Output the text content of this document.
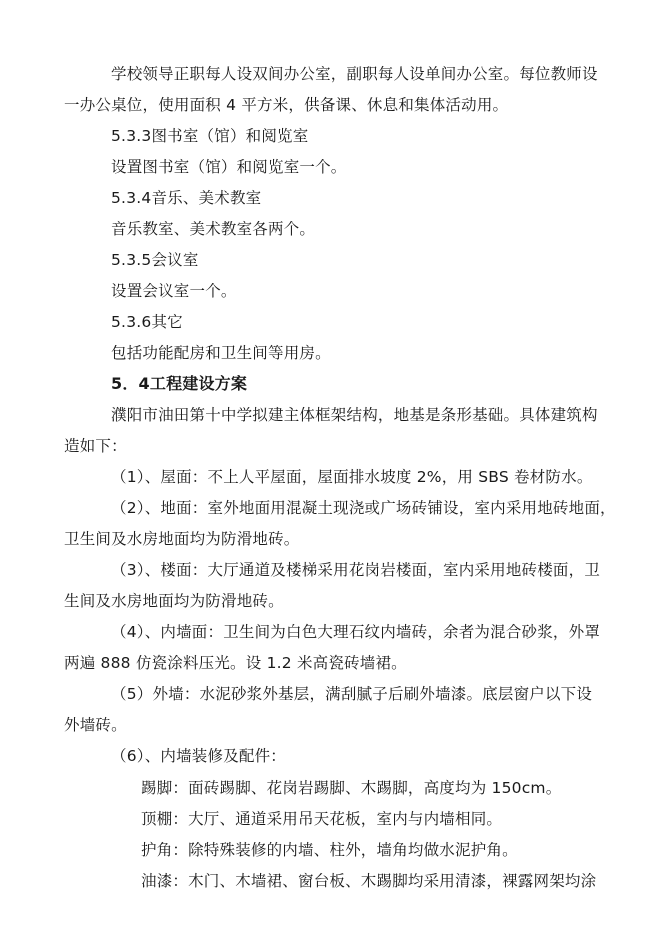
学校领导正职每人设双间办公室，副职每人设单间办公室。每位教师设

一办公桌位，使用面积 4 平方米，供备课、休息和集体活动用。

5.3.3图书室（馆）和阅览室

设置图书室（馆）和阅览室一个。

5.3.4音乐、美术教室

音乐教室、美术教室各两个。

5.3.5会议室

设置会议室一个。

5.3.6其它

包括功能配房和卫生间等用房。

5．4工程建设方案

濮阳市油田第十中学拟建主体框架结构，地基是条形基础。具体建筑构

造如下：

（1）、屋面：不上人平屋面，屋面排水坡度 2%，用 SBS 卷材防水。

（2）、地面：室外地面用混凝土现浇或广场砖铺设，室内采用地砖地面，

卫生间及水房地面均为防滑地砖。

（3）、楼面：大厅通道及楼梯采用花岗岩楼面，室内采用地砖楼面，卫

生间及水房地面均为防滑地砖。

（4）、内墙面：卫生间为白色大理石纹内墙砖，余者为混合砂浆，外罩

两遍 888 仿瓷涂料压光。设 1.2 米高瓷砖墙裙。

（5）外墙：水泥砂浆外基层，满刮腻子后刷外墙漆。底层窗户以下设

外墙砖。

（6）、内墙装修及配件：

踢脚：面砖踢脚、花岗岩踢脚、木踢脚，高度均为 150cm。

顶棚：大厅、通道采用吊天花板，室内与内墙相同。

护角：除特殊装修的内墙、柱外，墙角均做水泥护角。

油漆：木门、木墙裙、窗台板、木踢脚均采用清漆，裸露网架均涂
